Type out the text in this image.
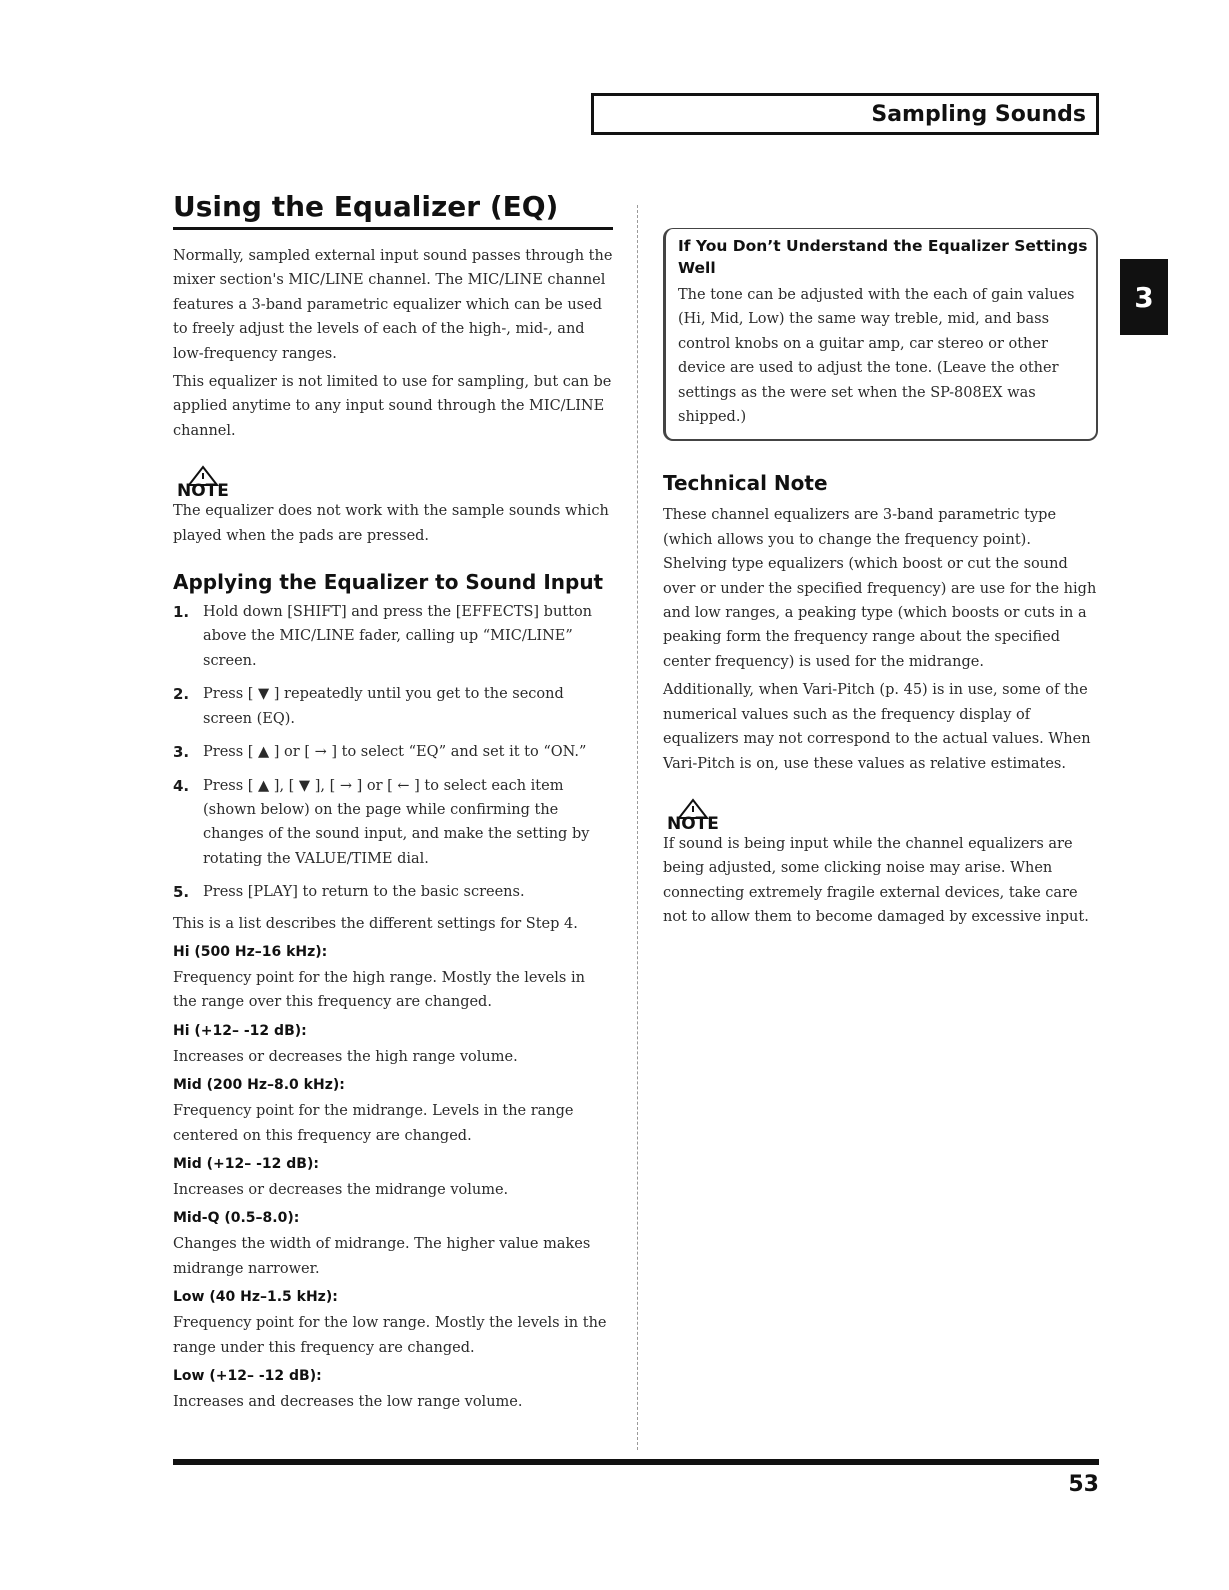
Sampling Sounds
3
Using the Equalizer (EQ)

Normally, sampled external input sound passes through the mixer section's MIC/LINE channel. The MIC/LINE channel features a 3-band parametric equalizer which can be used to freely adjust the levels of each of the high-, mid-, and low-frequency ranges.

This equalizer is not limited to use for sampling, but can be applied anytime to any input sound through the MIC/LINE channel.

NOTE

The equalizer does not work with the sample sounds which played when the pads are pressed.

Applying the Equalizer to Sound Input
1. Hold down [SHIFT] and press the [EFFECTS] button above the MIC/LINE fader, calling up “MIC/LINE” screen.
2. Press [ ▼ ] repeatedly until you get to the second screen (EQ).
3. Press [ ▲ ] or [ → ] to select “EQ” and set it to “ON.”
4. Press [ ▲ ], [ ▼ ], [ → ] or [ ← ] to select each item (shown below) on the page while confirming the changes of the sound input, and make the setting by rotating the VALUE/TIME dial.
5. Press [PLAY] to return to the basic screens.

This is a list describes the different settings for Step 4.

Hi (500 Hz–16 kHz):

Frequency point for the high range. Mostly the levels in the range over this frequency are changed.

Hi (+12– -12 dB):

Increases or decreases the high range volume.

Mid (200 Hz–8.0 kHz):

Frequency point for the midrange. Levels in the range centered on this frequency are changed.

Mid (+12– -12 dB):

Increases or decreases the midrange volume.

Mid-Q (0.5–8.0):

Changes the width of midrange. The higher value makes midrange narrower.

Low (40 Hz–1.5 kHz):

Frequency point for the low range. Mostly the levels in the range under this frequency are changed.

Low (+12– -12 dB):

Increases and decreases the low range volume.

If You Don’t Understand the Equalizer Settings Well

The tone can be adjusted with the each of gain values (Hi, Mid, Low) the same way treble, mid, and bass control knobs on a guitar amp, car stereo or other device are used to adjust the tone. (Leave the other settings as the were set when the SP-808EX was shipped.)

Technical Note

These channel equalizers are 3-band parametric type (which allows you to change the frequency point). Shelving type equalizers (which boost or cut the sound over or under the specified frequency) are use for the high and low ranges, a peaking type (which boosts or cuts in a peaking form the frequency range about the specified center frequency) is used for the midrange.

Additionally, when Vari-Pitch (p. 45) is in use, some of the numerical values such as the frequency display of equalizers may not correspond to the actual values. When Vari-Pitch is on, use these values as relative estimates.

NOTE

If sound is being input while the channel equalizers are being adjusted, some clicking noise may arise. When connecting extremely fragile external devices, take care not to allow them to become damaged by excessive input.

53
